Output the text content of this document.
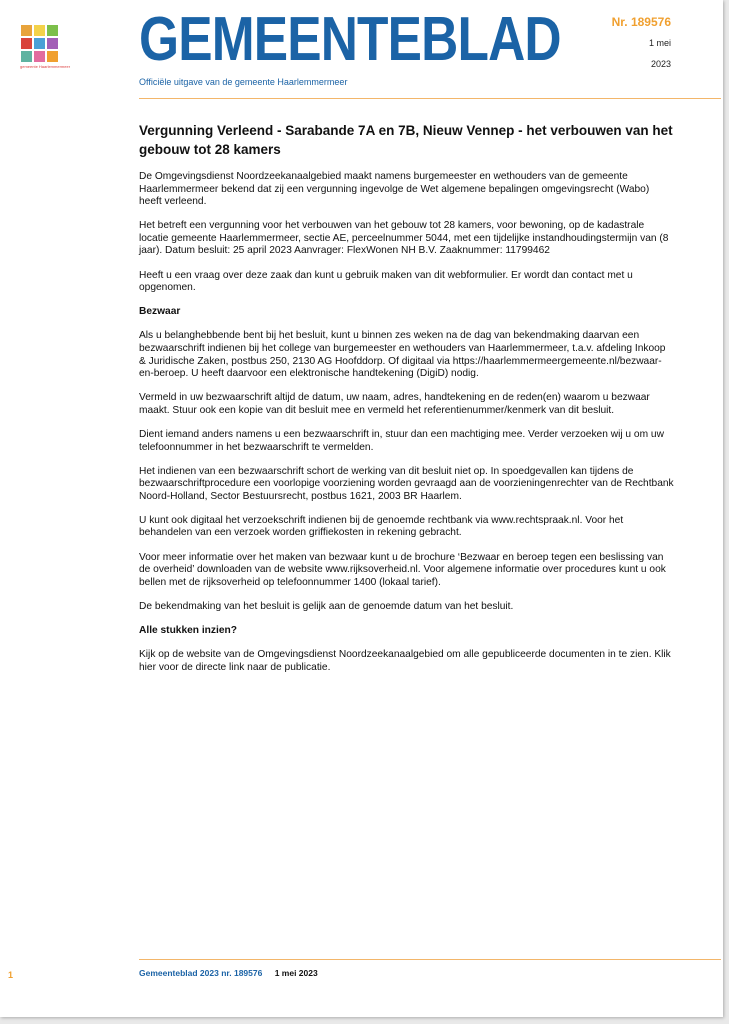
gemeente Haarlemmermeer GEMEENTEBLAD
Officiële uitgave van de gemeente Haarlemmermeer
Nr. 189576
1 mei
2023
Vergunning Verleend - Sarabande 7A en 7B, Nieuw Vennep - het verbouwen van het gebouw tot 28 kamers

De Omgevingsdienst Noordzeekanaalgebied maakt namens burgemeester en wethouders van de gemeente Haarlemmermeer bekend dat zij een vergunning ingevolge de Wet algemene bepalingen omgevingsrecht (Wabo) heeft verleend.

Het betreft een vergunning voor het verbouwen van het gebouw tot 28 kamers, voor bewoning, op de kadastrale locatie gemeente Haarlemmermeer, sectie AE, perceelnummer 5044, met een tijdelijke instandhoudingstermijn van (8 jaar). Datum besluit: 25 april 2023 Aanvrager: FlexWonen NH B.V. Zaaknummer: 11799462

Heeft u een vraag over deze zaak dan kunt u gebruik maken van dit webformulier. Er wordt dan contact met u opgenomen.

Bezwaar

Als u belanghebbende bent bij het besluit, kunt u binnen zes weken na de dag van bekendmaking daarvan een bezwaarschrift indienen bij het college van burgemeester en wethouders van Haarlemmermeer, t.a.v. afdeling Inkoop & Juridische Zaken, postbus 250, 2130 AG Hoofddorp. Of digitaal via https://haarlemmermeergemeente.nl/bezwaar-en-beroep. U heeft daarvoor een elektronische handtekening (DigiD) nodig.

Vermeld in uw bezwaarschrift altijd de datum, uw naam, adres, handtekening en de reden(en) waarom u bezwaar maakt. Stuur ook een kopie van dit besluit mee en vermeld het referentienummer/kenmerk van dit besluit.

Dient iemand anders namens u een bezwaarschrift in, stuur dan een machtiging mee. Verder verzoeken wij u om uw telefoonnummer in het bezwaarschrift te vermelden.

Het indienen van een bezwaarschrift schort de werking van dit besluit niet op. In spoedgevallen kan tijdens de bezwaarschriftprocedure een voorlopige voorziening worden gevraagd aan de voorzieningenrechter van de Rechtbank Noord-Holland, Sector Bestuursrecht, postbus 1621, 2003 BR Haarlem.

U kunt ook digitaal het verzoekschrift indienen bij de genoemde rechtbank via www.rechtspraak.nl. Voor het behandelen van een verzoek worden griffiekosten in rekening gebracht.

Voor meer informatie over het maken van bezwaar kunt u de brochure ‘Bezwaar en beroep tegen een beslissing van de overheid’ downloaden van de website www.rijksoverheid.nl. Voor algemene informatie over procedures kunt u ook bellen met de rijksoverheid op telefoonnummer 1400 (lokaal tarief).

De bekendmaking van het besluit is gelijk aan de genoemde datum van het besluit.

Alle stukken inzien?

Kijk op de website van de Omgevingsdienst Noordzeekanaalgebied om alle gepubliceerde documenten in te zien. Klik hier voor de directe link naar de publicatie.

1	Gemeenteblad 2023 nr. 189576 1 mei 2023
